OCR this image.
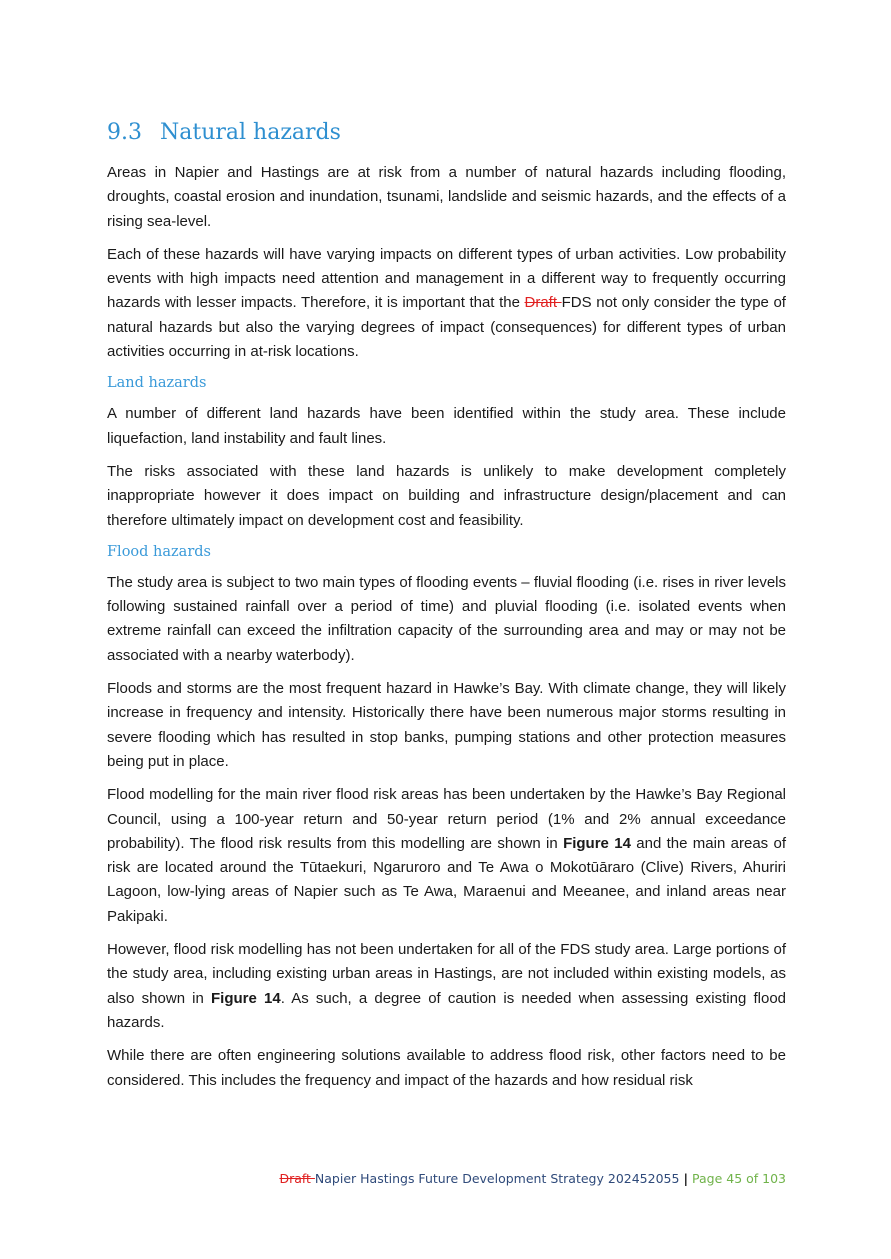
9.3 Natural hazards

Areas in Napier and Hastings are at risk from a number of natural hazards including flooding, droughts, coastal erosion and inundation, tsunami, landslide and seismic hazards, and the effects of a rising sea-level.

Each of these hazards will have varying impacts on different types of urban activities. Low probability events with high impacts need attention and management in a different way to frequently occurring hazards with lesser impacts. Therefore, it is important that the Draft FDS not only consider the type of natural hazards but also the varying degrees of impact (consequences) for different types of urban activities occurring in at-risk locations.

Land hazards

A number of different land hazards have been identified within the study area. These include liquefaction, land instability and fault lines.

The risks associated with these land hazards is unlikely to make development completely inappropriate however it does impact on building and infrastructure design/placement and can therefore ultimately impact on development cost and feasibility.

Flood hazards

The study area is subject to two main types of flooding events – fluvial flooding (i.e. rises in river levels following sustained rainfall over a period of time) and pluvial flooding (i.e. isolated events when extreme rainfall can exceed the infiltration capacity of the surrounding area and may or may not be associated with a nearby waterbody).

Floods and storms are the most frequent hazard in Hawke’s Bay. With climate change, they will likely increase in frequency and intensity. Historically there have been numerous major storms resulting in severe flooding which has resulted in stop banks, pumping stations and other protection measures being put in place.

Flood modelling for the main river flood risk areas has been undertaken by the Hawke’s Bay Regional Council, using a 100-year return and 50-year return period (1% and 2% annual exceedance probability). The flood risk results from this modelling are shown in Figure 14 and the main areas of risk are located around the Tūtaekuri, Ngaruroro and Te Awa o Mokotūāraro (Clive) Rivers, Ahuriri Lagoon, low-lying areas of Napier such as Te Awa, Maraenui and Meeanee, and inland areas near Pakipaki.

However, flood risk modelling has not been undertaken for all of the FDS study area. Large portions of the study area, including existing urban areas in Hastings, are not included within existing models, as also shown in Figure 14. As such, a degree of caution is needed when assessing existing flood hazards.

While there are often engineering solutions available to address flood risk, other factors need to be considered. This includes the frequency and impact of the hazards and how residual risk

Draft Napier Hastings Future Development Strategy 202452055 | Page 45 of 103
